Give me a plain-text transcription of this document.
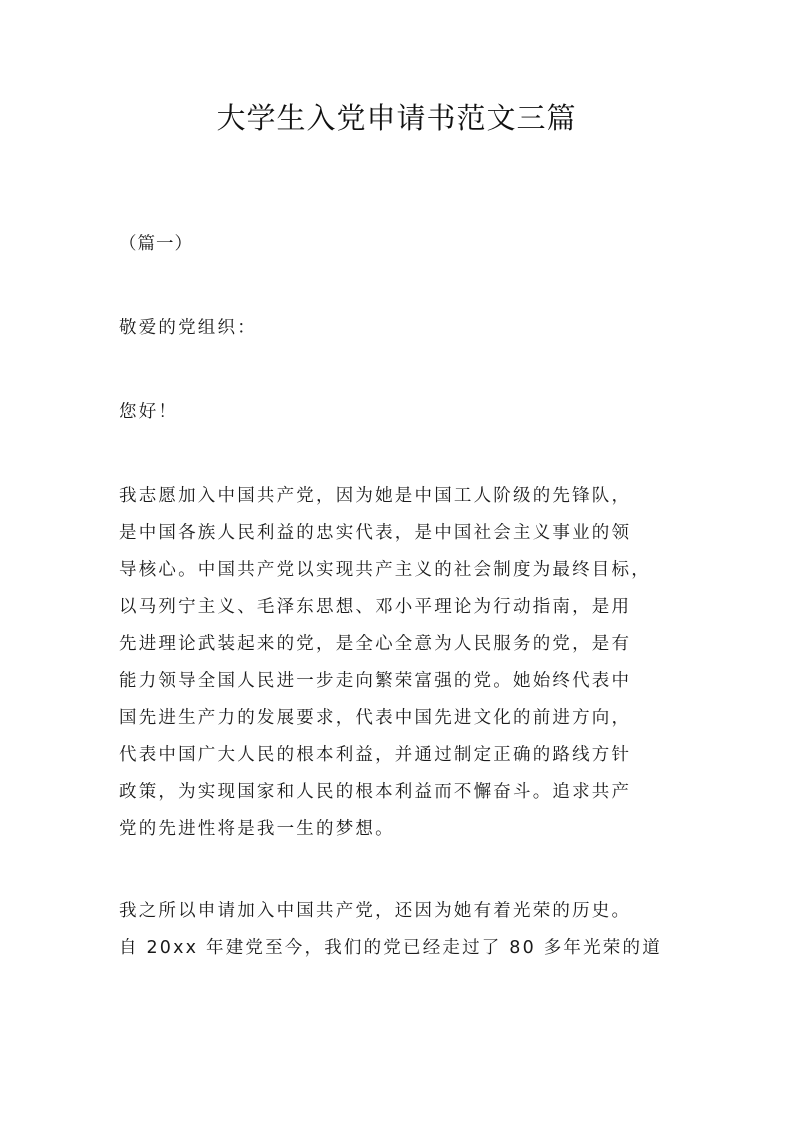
大学生入党申请书范文三篇
（篇一）
敬爱的党组织：
您好！
我志愿加入中国共产党，因为她是中国工人阶级的先锋队，
是中国各族人民利益的忠实代表，是中国社会主义事业的领
导核心。中国共产党以实现共产主义的社会制度为最终目标，
以马列宁主义、毛泽东思想、邓小平理论为行动指南，是用
先进理论武装起来的党，是全心全意为人民服务的党，是有
能力领导全国人民进一步走向繁荣富强的党。她始终代表中
国先进生产力的发展要求，代表中国先进文化的前进方向，
代表中国广大人民的根本利益，并通过制定正确的路线方针
政策，为实现国家和人民的根本利益而不懈奋斗。追求共产
党的先进性将是我一生的梦想。
我之所以申请加入中国共产党，还因为她有着光荣的历史。
自 20xx 年建党至今，我们的党已经走过了 80 多年光荣的道
